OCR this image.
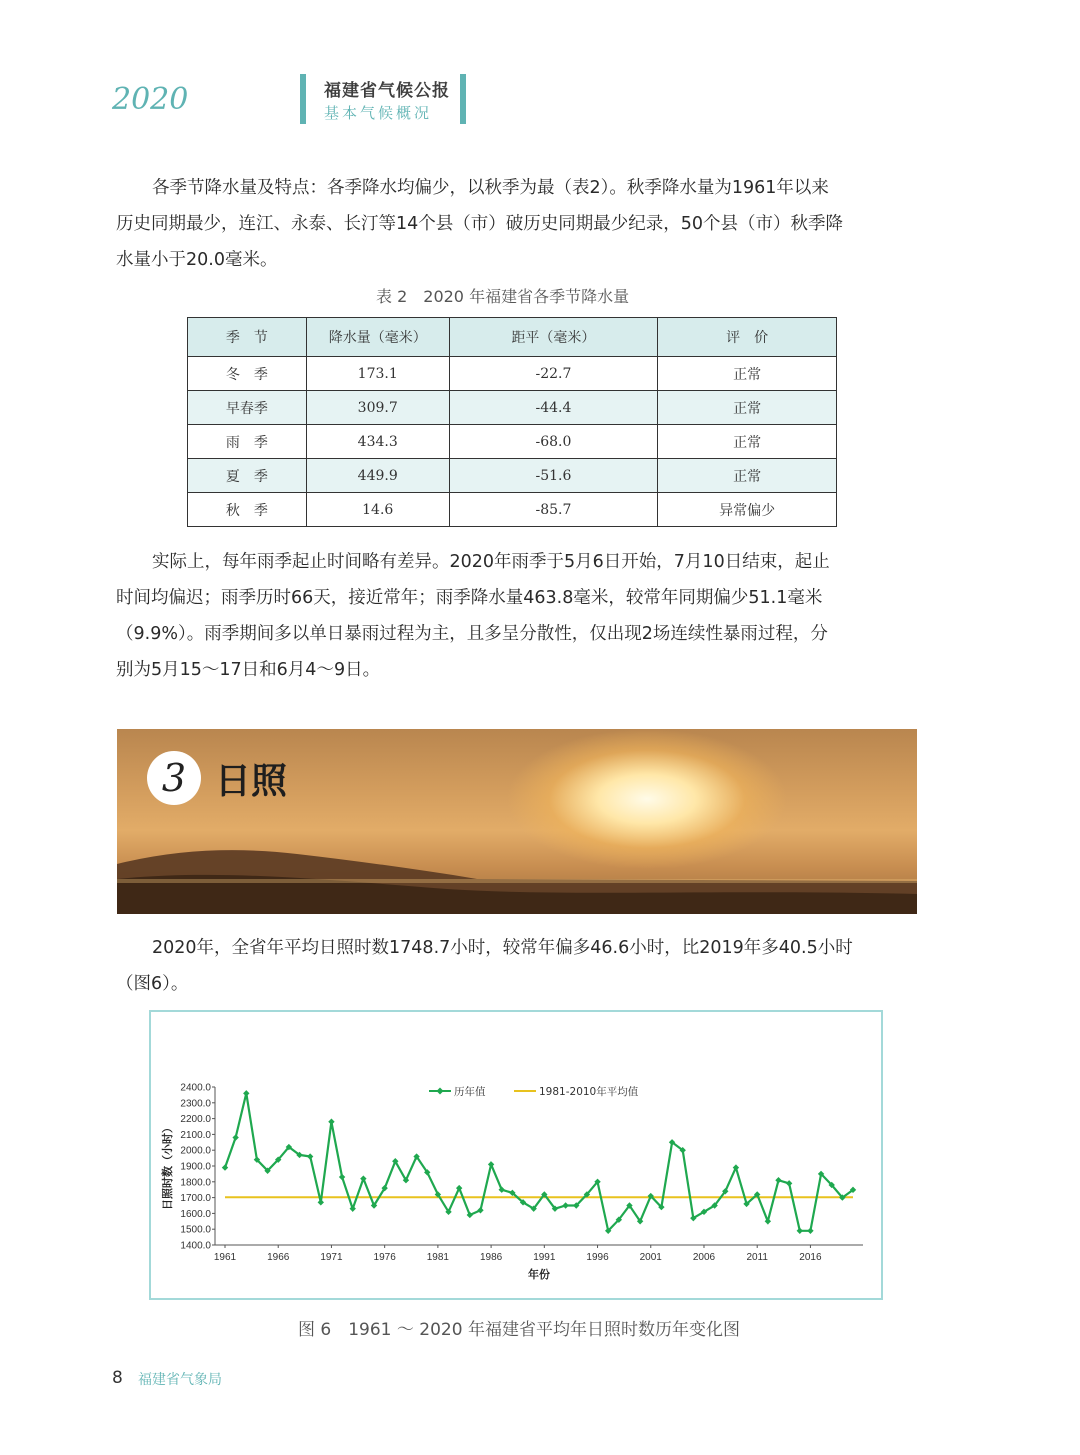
2020	福建省气候公报
基本气候概况
各季节降水量及特点：各季降水均偏少，以秋季为最（表2）。秋季降水量为1961年以来
历史同期最少，连江、永泰、长汀等14个县（市）破历史同期最少纪录，50个县（市）秋季降
水量小于20.0毫米。
表 2　2020 年福建省各季节降水量
季　节	降水量（毫米）	距平（毫米）	评　价
冬　季	173.1	-22.7	正常
早春季	309.7	-44.4	正常
雨　季	434.3	-68.0	正常
夏　季	449.9	-51.6	正常
秋　季	14.6	-85.7	异常偏少
实际上，每年雨季起止时间略有差异。2020年雨季于5月6日开始，7月10日结束，起止
时间均偏迟；雨季历时66天，接近常年；雨季降水量463.8毫米，较常年同期偏少51.1毫米
（9.9%）。雨季期间多以单日暴雨过程为主，且多呈分散性，仅出现2场连续性暴雨过程，分
别为5月15～17日和6月4～9日。
3 日照
2020年，全省年平均日照时数1748.7小时，较常年偏多46.6小时，比2019年多40.5小时
（图6）。
1400.0
1500.0
1600.0
1700.0
1800.0
1900.0
2000.0
2100.0
2200.0
2300.0
2400.0
1961	1966	1971	1976	1981	1986	1991	1996	2001	2006	2011	2016
年份
日照时数（小时）
历年值	1981-2010年平均值
图 6　1961 ～ 2020 年福建省平均年日照时数历年变化图
8 福建省气象局
